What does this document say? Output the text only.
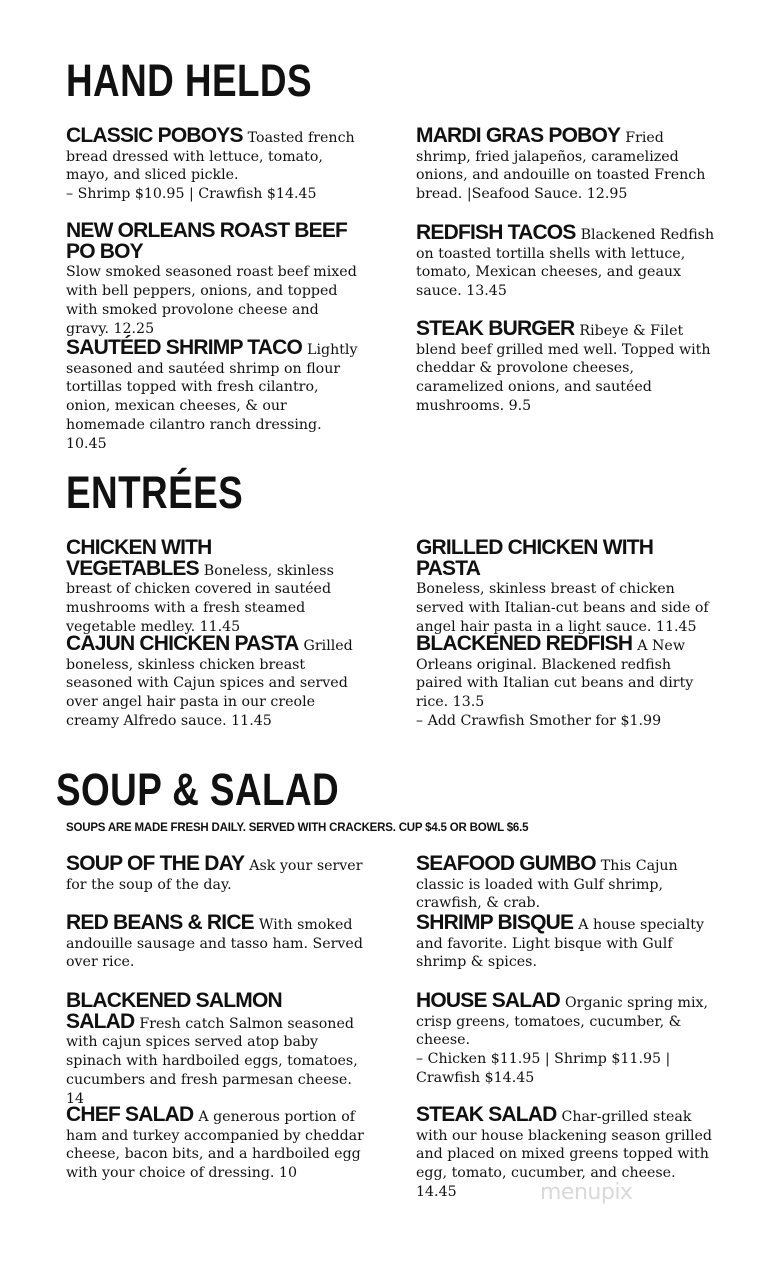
HAND HELDS
CLASSIC POBOYS Toasted french bread dressed with lettuce, tomato, mayo, and sliced pickle.
– Shrimp $10.95 | Crawfish $14.45
NEW ORLEANS ROAST BEEF PO BOY
Slow smoked seasoned roast beef mixed with bell peppers, onions, and topped with smoked provolone cheese and gravy. 12.25
SAUTÉED SHRIMP TACO Lightly seasoned and sautéed shrimp on flour tortillas topped with fresh cilantro, onion, mexican cheeses, & our homemade cilantro ranch dressing. 10.45
MARDI GRAS POBOY Fried shrimp, fried jalapeños, caramelized onions, and andouille on toasted French bread. |Seafood Sauce. 12.95
REDFISH TACOS Blackened Redfish on toasted tortilla shells with lettuce, tomato, Mexican cheeses, and geaux sauce. 13.45
STEAK BURGER Ribeye & Filet blend beef grilled med well. Topped with cheddar & provolone cheeses, caramelized onions, and sautéed mushrooms. 9.5
ENTRÉES
CHICKEN WITH VEGETABLES Boneless, skinless breast of chicken covered in sautéed mushrooms with a fresh steamed vegetable medley. 11.45
CAJUN CHICKEN PASTA Grilled boneless, skinless chicken breast seasoned with Cajun spices and served over angel hair pasta in our creole creamy Alfredo sauce. 11.45
GRILLED CHICKEN WITH PASTA
Boneless, skinless breast of chicken served with Italian-cut beans and side of angel hair pasta in a light sauce. 11.45
BLACKENED REDFISH A New Orleans original. Blackened redfish paired with Italian cut beans and dirty rice. 13.5
– Add Crawfish Smother for $1.99
SOUP & SALAD

SOUPS ARE MADE FRESH DAILY. SERVED WITH CRACKERS. CUP $4.5 OR BOWL $6.5

SOUP OF THE DAY Ask your server for the soup of the day.
RED BEANS & RICE With smoked andouille sausage and tasso ham. Served over rice.
BLACKENED SALMON SALAD Fresh catch Salmon seasoned with cajun spices served atop baby spinach with hardboiled eggs, tomatoes, cucumbers and fresh parmesan cheese. 14
CHEF SALAD A generous portion of ham and turkey accompanied by cheddar cheese, bacon bits, and a hardboiled egg with your choice of dressing. 10
SEAFOOD GUMBO This Cajun classic is loaded with Gulf shrimp, crawfish, & crab.
SHRIMP BISQUE A house specialty and favorite. Light bisque with Gulf shrimp & spices.
HOUSE SALAD Organic spring mix, crisp greens, tomatoes, cucumber, & cheese.
– Chicken $11.95 | Shrimp $11.95 | Crawfish $14.45
STEAK SALAD Char-grilled steak with our house blackening season grilled and placed on mixed greens topped with egg, tomato, cucumber, and cheese. 14.45	menupix
